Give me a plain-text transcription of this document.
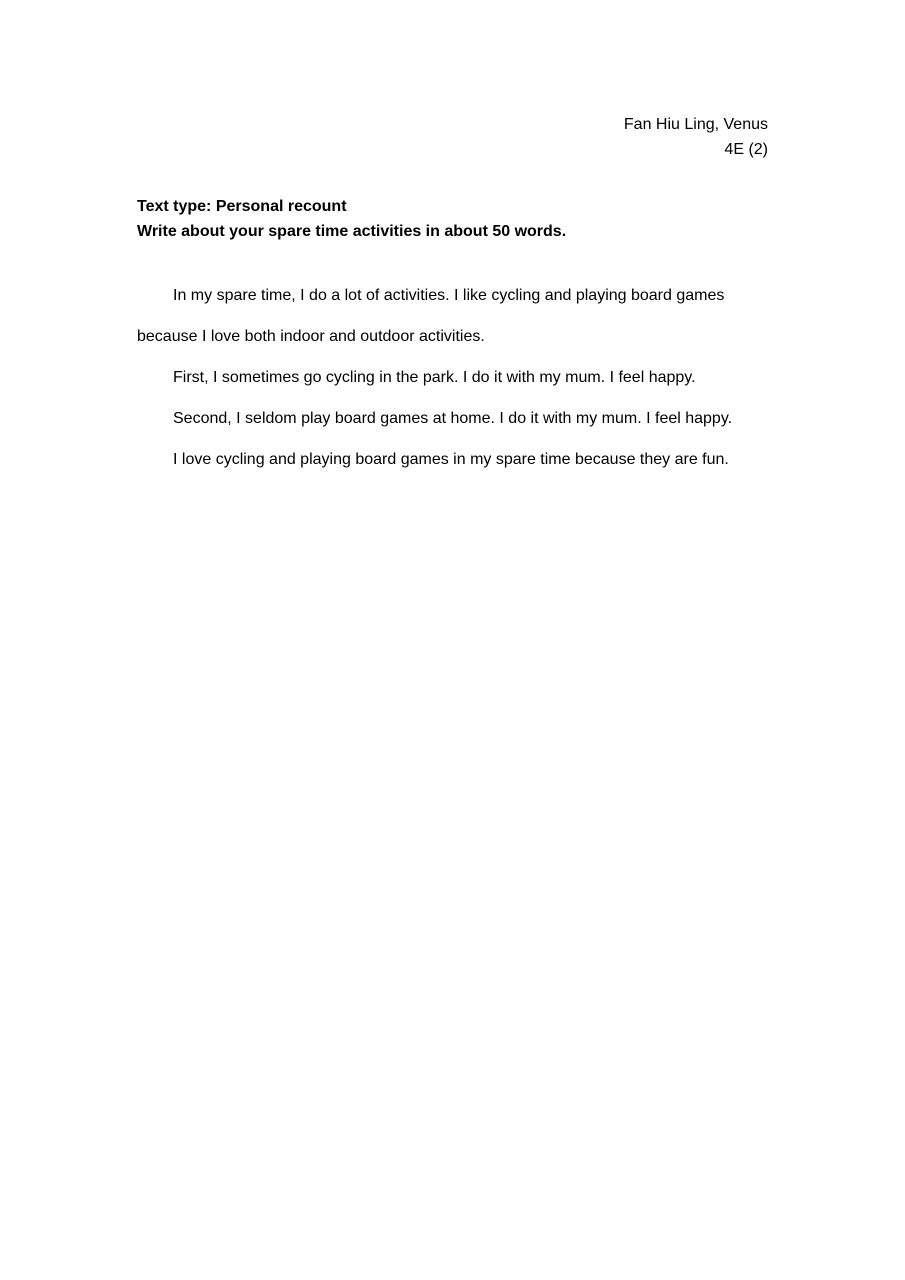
Fan Hiu Ling, Venus
4E (2)
Text type: Personal recount
Write about your spare time activities in about 50 words.

In my spare time, I do a lot of activities. I like cycling and playing board games

because I love both indoor and outdoor activities.

First, I sometimes go cycling in the park. I do it with my mum. I feel happy.

Second, I seldom play board games at home. I do it with my mum. I feel happy.

I love cycling and playing board games in my spare time because they are fun.
